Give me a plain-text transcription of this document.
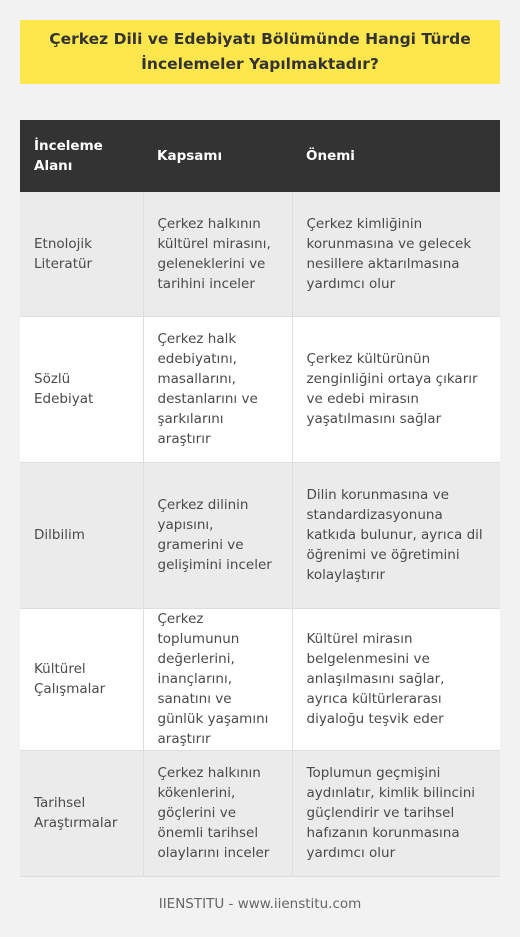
Çerkez Dili ve Edebiyatı Bölümünde Hangi Türde İncelemeler Yapılmaktadır?
İnceleme Alanı	Kapsamı	Önemi
Etnolojik Literatür	Çerkez halkının kültürel mirasını, geleneklerini ve tarihini inceler	Çerkez kimliğinin korunmasına ve gelecek nesillere aktarılmasına yardımcı olur
Sözlü Edebiyat	Çerkez halk edebiyatını, masallarını, destanlarını ve şarkılarını araştırır	Çerkez kültürünün zenginliğini ortaya çıkarır ve edebi mirasın yaşatılmasını sağlar
Dilbilim	Çerkez dilinin yapısını, gramerini ve gelişimini inceler	Dilin korunmasına ve standardizasyonuna katkıda bulunur, ayrıca dil öğrenimi ve öğretimini kolaylaştırır
Kültürel Çalışmalar	Çerkez toplumunun değerlerini, inançlarını, sanatını ve günlük yaşamını araştırır	Kültürel mirasın belgelenmesini ve anlaşılmasını sağlar, ayrıca kültürlerarası diyaloğu teşvik eder
Tarihsel Araştırmalar	Çerkez halkının kökenlerini, göçlerini ve önemli tarihsel olaylarını inceler	Toplumun geçmişini aydınlatır, kimlik bilincini güçlendirir ve tarihsel hafızanın korunmasına yardımcı olur
IIENSTITU - www.iienstitu.com
